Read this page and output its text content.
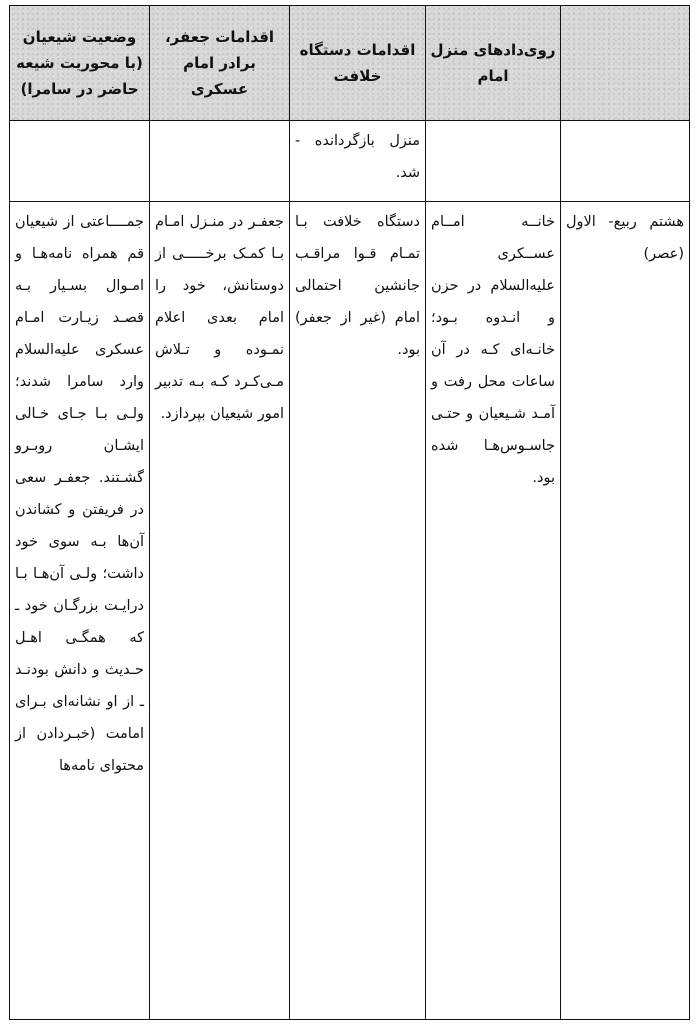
	روی‌دادهای منزل امام	اقدامات دستگاه خلافت	اقدامات جعفر، برادر امام عسکری	وضعیت شیعیان (با محوریت شیعه حاضر در سامرا)
		منزل بازگردانده - شد.		
هشتم ربیع- الاول (عصر)	خانــه امــام عســکری علیه‌السلام در حزن و انـدوه بـود؛ خانـه‌ای کـه در آن ساعات محل رفت و آمـد شـیعیان و حتـی جاسـوس‌هـا شده بود.	دستگاه خلافت بـا تمـام قـوا مراقـب جانشین احتمالی امام (غیر از جعفر) بود.	جعفـر در منـزل امـام بـا کمـک برخـــــی از دوستانش، خود را امام بعدی اعلام نمـوده و تـلاش مـی‌کـرد کـه بـه تدبیر امور شیعیان بپردازد.	جمــــاعتی از شیعیان قم همراه نامه‌هـا و امـوال بسـیار بـه قصـد زیـارت امـام عسکری علیه‌السلام وارد سامرا شدند؛ ولـی بـا جـای خـالی ایشـان روبـرو گشـتند. جعفـر سعی در فریفتن و کشاندن آن‌ها بـه سوی خود داشت؛ ولـی آن‌هـا بـا درایـت بزرگـان خود ـ که همگـی اهـل حـدیث و دانش بودنـد ـ از او نشانه‌ای بـرای امامت (خبـردادن از محتوای نامه‌ها
